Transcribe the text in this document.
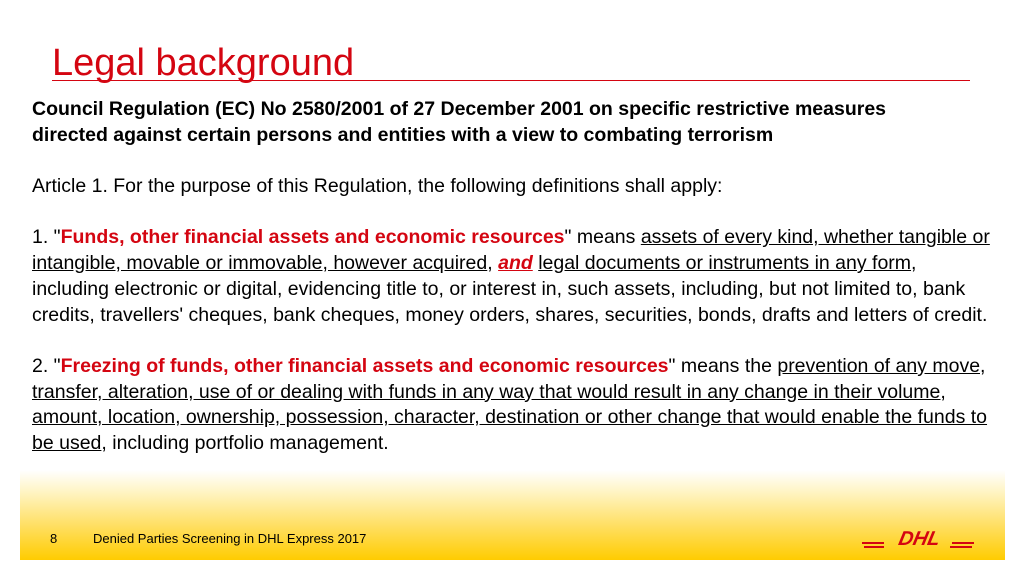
Legal background

Council Regulation (EC) No 2580/2001 of 27 December 2001 on specific restrictive measures
directed against certain persons and entities with a view to combating terrorism

Article 1. For the purpose of this Regulation, the following definitions shall apply:

1. "Funds, other financial assets and economic resources" means assets of every kind, whether tangible or intangible, movable or immovable, however acquired, and legal documents or instruments in any form, including electronic or digital, evidencing title to, or interest in, such assets, including, but not limited to, bank credits, travellers' cheques, bank cheques, money orders, shares, securities, bonds, drafts and letters of credit.

2. "Freezing of funds, other financial assets and economic resources" means the prevention of any move, transfer, alteration, use of or dealing with funds in any way that would result in any change in their volume, amount, location, ownership, possession, character, destination or other change that would enable the funds to be used, including portfolio management.

8	Denied Parties Screening in DHL Express 2017	DHL
